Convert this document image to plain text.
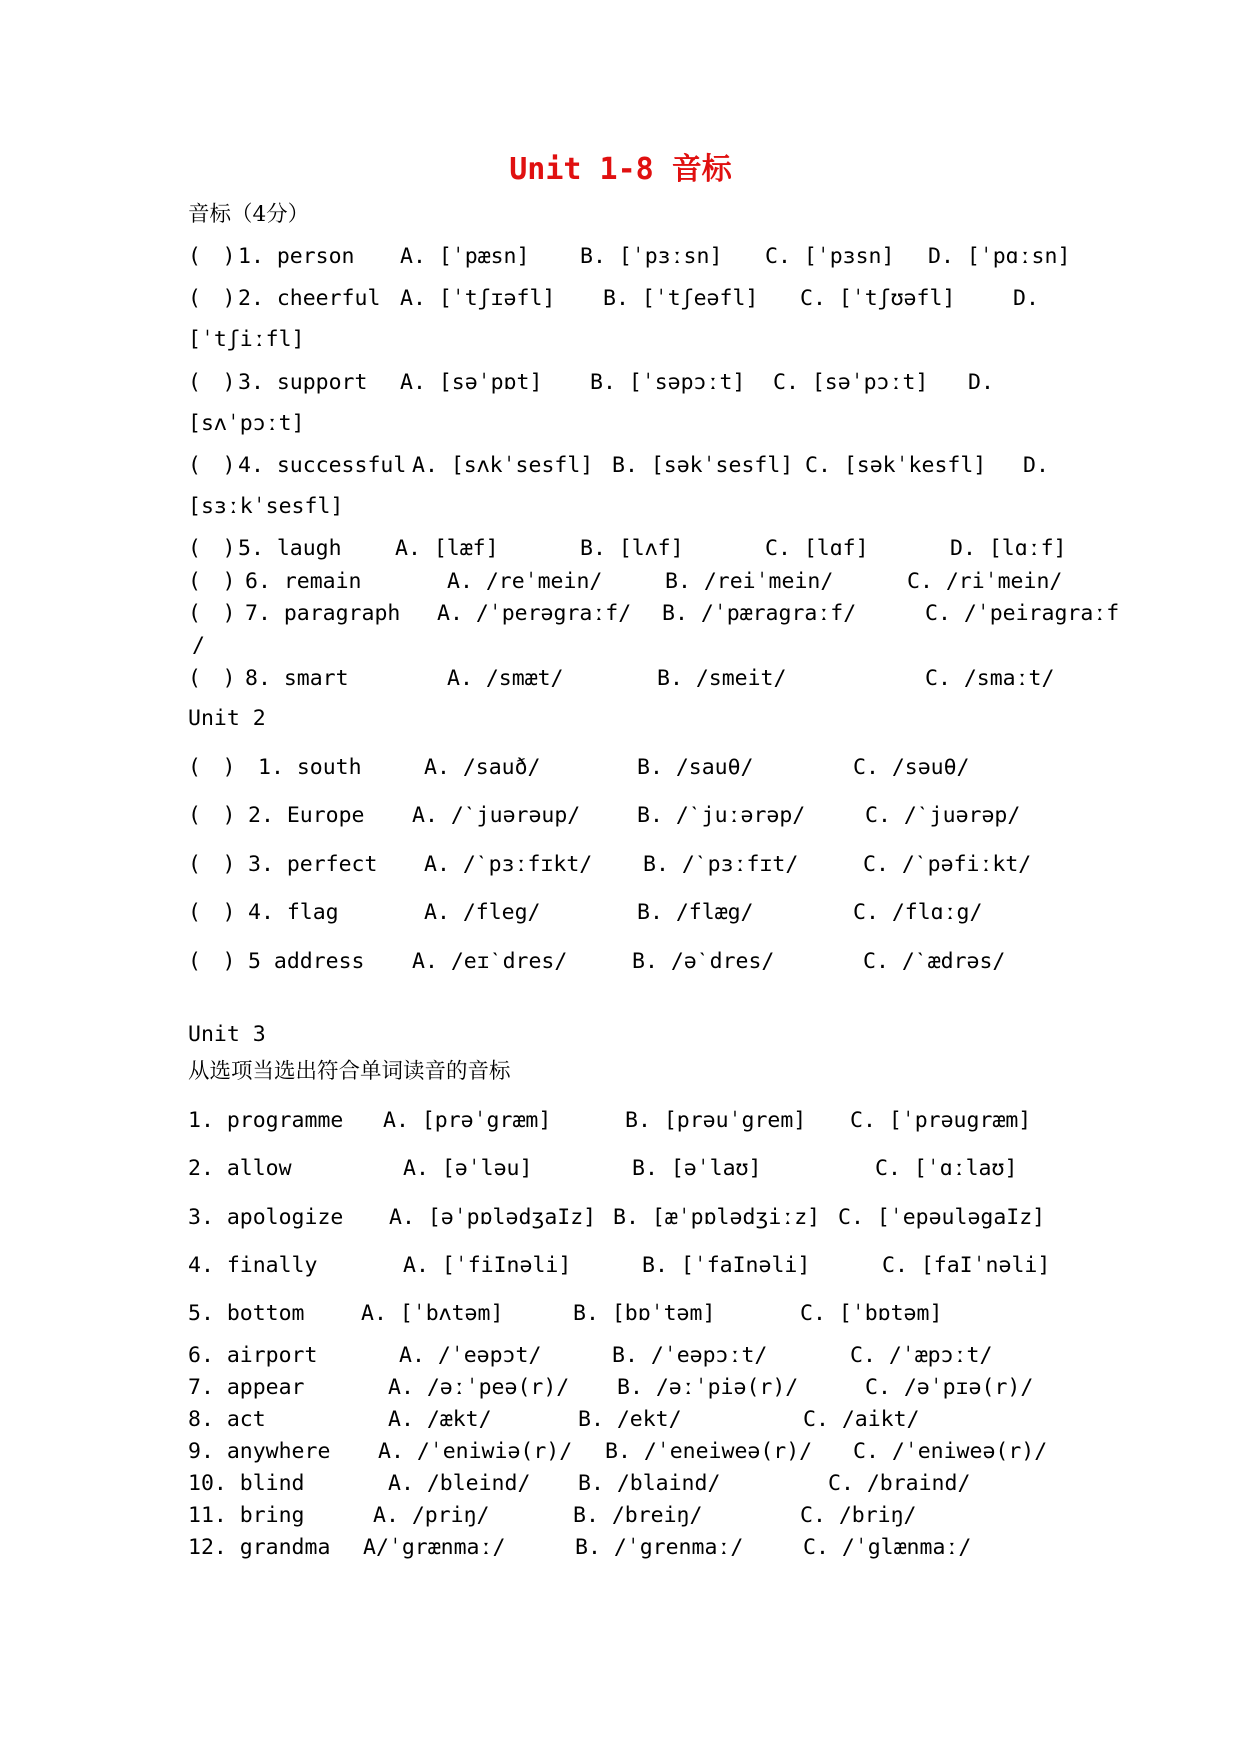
Unit 1-8 音标
音标（4分）
(　) 1. person A. [ˈpæsn] B. [ˈpɜːsn] C. [ˈpɜsn] D. [ˈpɑːsn]
(　) 2. cheerful A. [ˈtʃɪəfl] B. [ˈtʃeəfl] C. [ˈtʃʊəfl]	D.
[ˈtʃiːfl]
(　) 3. support A. [səˈpɒt] B. [ˈsəpɔːt] C. [səˈpɔːt] D.
[sʌˈpɔːt]
(　) 4. successful A. [sʌkˈsesfl] B. [səkˈsesfl] C. [səkˈkesfl] D.
[sɜːkˈsesfl]
(　) 5. laugh A. [læf]	B. [lʌf]	C. [lɑf]	D. [lɑːf]
(　) 6. remain	A. /reˈmein/	B. /reiˈmein/	C. /riˈmein/
(　) 7. paragraph A. /ˈperəgraːf/ B. /ˈpæragraːf/	C. /ˈpeiragraːf
/
(　) 8. smart	A. /smæt/	B. /smeit/	C. /smaːt/
Unit 2
(　) 1. south	A. /sauð/	B. /sauθ/	C. /səuθ/
(　) 2. Europe A. /ˋjuərəup/	B. /ˋjuːərəp/	C. /ˋjuərəp/
(　) 3. perfect A. /ˋpɜːfɪkt/ B. /ˋpɜːfɪt/	C. /ˋpəfiːkt/
(　) 4. flag	A. /fleg/	B. /flæg/	C. /flɑːg/
(　) 5 address A. /eɪˋdres/	B. /əˋdres/	C. /ˋædrəs/
Unit 3
从选项当选出符合单词读音的音标
1. programme A. [prəˈgræm]	B. [prəuˈgrem] C. [ˈprəugræm]
2. allow	A. [əˈləu]	B. [əˈlaʊ]	C. [ˈɑːlaʊ]
3. apologize A. [əˈpɒlədʒaIz] B. [æˈpɒlədʒiːz] C. [ˈepəuləgaIz]
4. finally	A. [ˈfiInəli]	B. [ˈfaInəli]	C. [faIˈnəli]
5. bottom	A. [ˈbʌtəm]	B. [bɒˈtəm]	C. [ˈbɒtəm]
6. airport	A. /ˈeəpɔt/	B. /ˈeəpɔːt/	C. /ˈæpɔːt/
7. appear	A. /əːˈpeə(r)/ B. /əːˈpiə(r)/	C. /əˈpɪə(r)/
8. act	A. /ækt/	B. /ekt/	C. /aikt/
9. anywhere A. /ˈeniwiə(r)/ B. /ˈeneiweə(r)/ C. /ˈeniweə(r)/
10. blind	A. /bleind/ B. /blaind/	C. /braind/
11. bring	A. /priŋ/	B. /breiŋ/	C. /briŋ/
12. grandma A/ˈgrænmaː/	B. /ˈgrenmaː/	C. /ˈglænmaː/
